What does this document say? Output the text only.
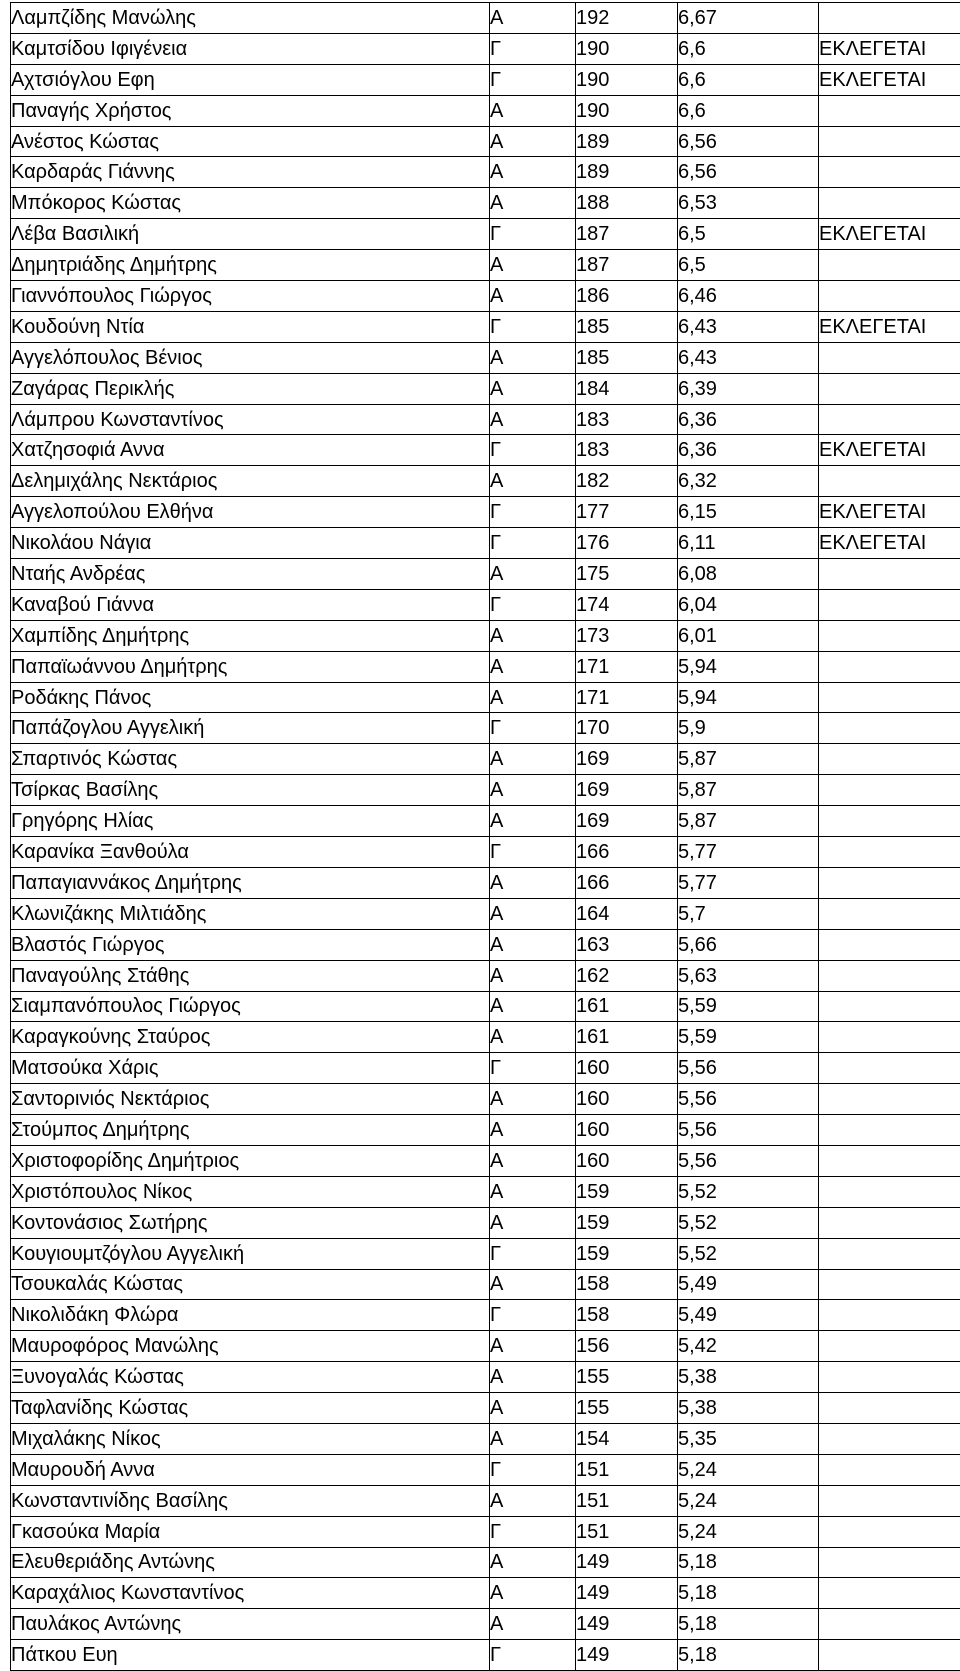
Λαμπζίδης Μανώλης	Α	192	6,67	
Καμτσίδου Ιφιγένεια	Γ	190	6,6	ΕΚΛΕΓΕΤΑΙ
Αχτσιόγλου Εφη	Γ	190	6,6	ΕΚΛΕΓΕΤΑΙ
Παναγής Χρήστος	Α	190	6,6	
Ανέστος Κώστας	Α	189	6,56	
Καρδαράς Γιάννης	Α	189	6,56	
Μπόκορος Κώστας	Α	188	6,53	
Λέβα Βασιλική	Γ	187	6,5	ΕΚΛΕΓΕΤΑΙ
Δημητριάδης Δημήτρης	Α	187	6,5	
Γιαννόπουλος Γιώργος	Α	186	6,46	
Κουδούνη Ντία	Γ	185	6,43	ΕΚΛΕΓΕΤΑΙ
Αγγελόπουλος Βένιος	Α	185	6,43	
Ζαγάρας Περικλής	Α	184	6,39	
Λάμπρου Κωνσταντίνος	Α	183	6,36	
Χατζησοφιά Αννα	Γ	183	6,36	ΕΚΛΕΓΕΤΑΙ
Δελημιχάλης Νεκτάριος	Α	182	6,32	
Αγγελοπούλου Ελθήνα	Γ	177	6,15	ΕΚΛΕΓΕΤΑΙ
Νικολάου Νάγια	Γ	176	6,11	ΕΚΛΕΓΕΤΑΙ
Νταής Ανδρέας	Α	175	6,08	
Καναβού Γιάννα	Γ	174	6,04	
Χαμπίδης Δημήτρης	Α	173	6,01	
Παπαϊωάννου Δημήτρης	Α	171	5,94	
Ροδάκης Πάνος	Α	171	5,94	
Παπάζογλου Αγγελική	Γ	170	5,9	
Σπαρτινός Κώστας	Α	169	5,87	
Τσίρκας Βασίλης	Α	169	5,87	
Γρηγόρης Ηλίας	Α	169	5,87	
Καρανίκα Ξανθούλα	Γ	166	5,77	
Παπαγιαννάκος Δημήτρης	Α	166	5,77	
Κλωνιζάκης Μιλτιάδης	Α	164	5,7	
Βλαστός Γιώργος	Α	163	5,66	
Παναγούλης Στάθης	Α	162	5,63	
Σιαμπανόπουλος Γιώργος	Α	161	5,59	
Καραγκούνης Σταύρος	Α	161	5,59	
Ματσούκα Χάρις	Γ	160	5,56	
Σαντορινιός Νεκτάριος	Α	160	5,56	
Στούμπος Δημήτρης	Α	160	5,56	
Χριστοφορίδης Δημήτριος	Α	160	5,56	
Χριστόπουλος Νίκος	Α	159	5,52	
Κοντονάσιος Σωτήρης	Α	159	5,52	
Κουγιουμτζόγλου Αγγελική	Γ	159	5,52	
Τσουκαλάς Κώστας	Α	158	5,49	
Νικολιδάκη Φλώρα	Γ	158	5,49	
Μαυροφόρος Μανώλης	Α	156	5,42	
Ξυνογαλάς Κώστας	Α	155	5,38	
Ταφλανίδης Κώστας	Α	155	5,38	
Μιχαλάκης Νίκος	Α	154	5,35	
Μαυρουδή Αννα	Γ	151	5,24	
Κωνσταντινίδης Βασίλης	Α	151	5,24	
Γκασούκα Μαρία	Γ	151	5,24	
Ελευθεριάδης Αντώνης	Α	149	5,18	
Καραχάλιος Κωνσταντίνος	Α	149	5,18	
Παυλάκος Αντώνης	Α	149	5,18	
Πάτκου Ευη	Γ	149	5,18	
